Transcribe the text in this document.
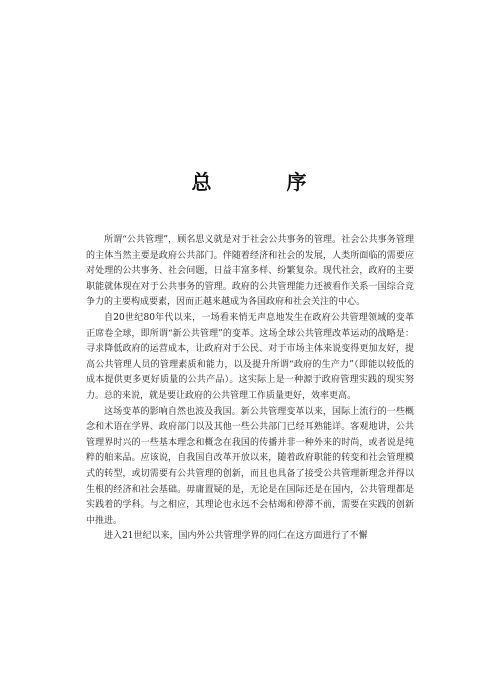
总 序

所谓“公共管理”，顾名思义就是对于社会公共事务的管理。社会公共事务管理的主体当然主要是政府公共部门。伴随着经济和社会的发展，人类所面临的需要应对处理的公共事务、社会问题，日益丰富多样、纷繁复杂。现代社会，政府的主要职能就体现在对于公共事务的管理。政府的公共管理能力还被看作关系一国综合竞争力的主要构成要素，因而正越来越成为各国政府和社会关注的中心。

自20世纪80年代以来，一场看来悄无声息地发生在政府公共管理领域的变革正席卷全球，即所谓“新公共管理”的变革。这场全球公共管理改革运动的战略是：寻求降低政府的运营成本，让政府对于公民、对于市场主体来说变得更加友好，提高公共管理人员的管理素质和能力，以及提升所谓“政府的生产力”（即能以较低的成本提供更多更好质量的公共产品）。这实际上是一种源于政府管理实践的现实努力。总的来说，就是要让政府的公共管理工作质量更好，效率更高。

这场变革的影响自然也波及我国。新公共管理变革以来，国际上流行的一些概念和术语在学界、政府部门以及其他一些公共部门已经耳熟能详。客观地讲，公共管理界时兴的一些基本理念和概念在我国的传播并非一种外来的时尚，或者说是纯粹的舶来品。应该说，自我国自改革开放以来，随着政府职能的转变和社会管理模式的转型，或切需要有公共管理的创新，而且也具备了接受公共管理新理念并得以生根的经济和社会基础。毋庸置疑的是，无论是在国际还是在国内，公共管理都是实践着的学科。与之相应，其理论也永远不会枯竭和停滞不前，需要在实践的创新中推进。

进入21世纪以来，国内外公共管理学界的同仁在这方面进行了不懈
